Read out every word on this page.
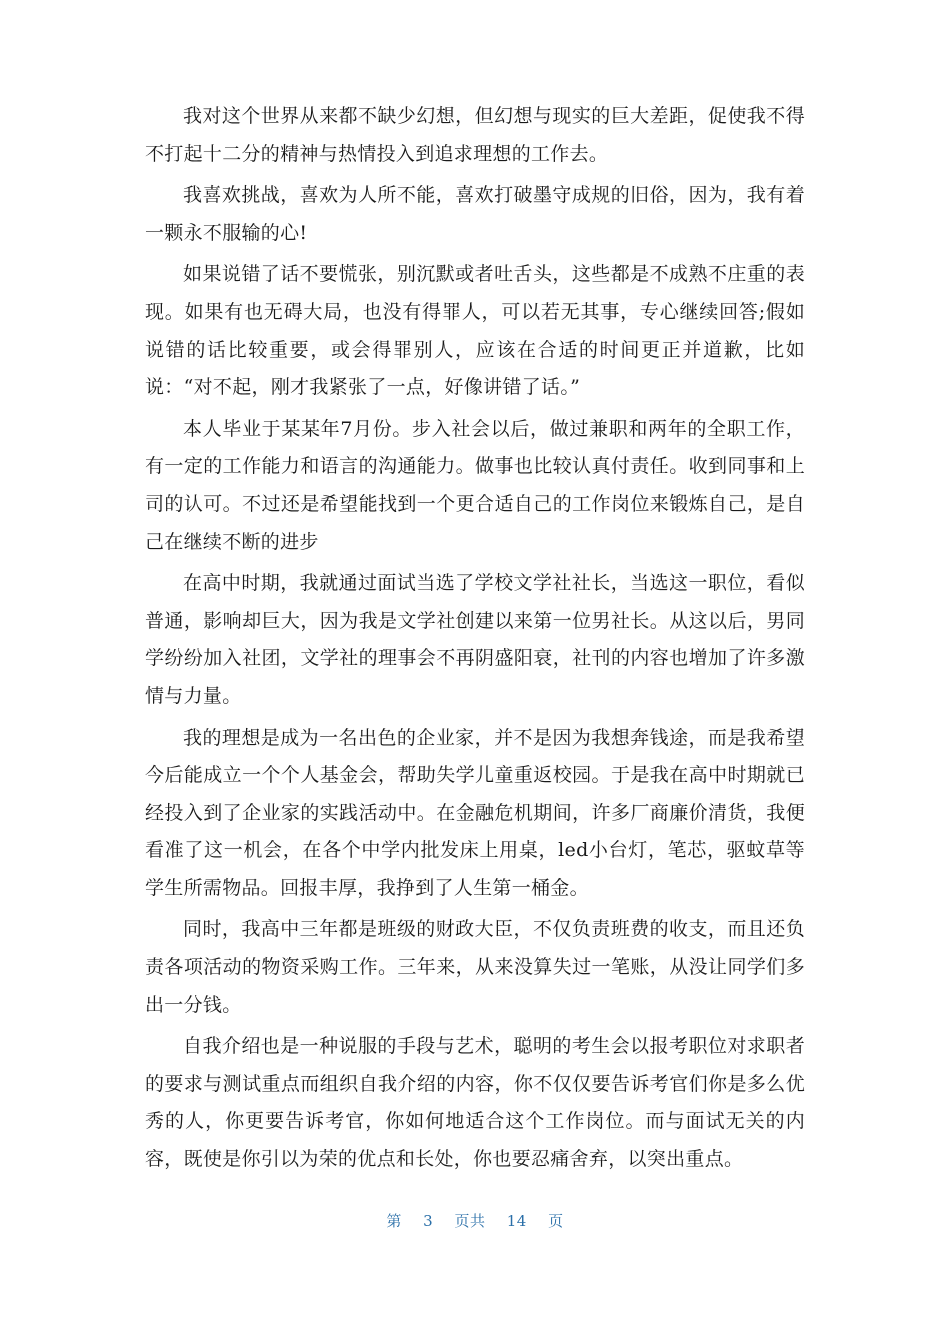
我对这个世界从来都不缺少幻想，但幻想与现实的巨大差距，促使我不得不打起十二分的精神与热情投入到追求理想的工作去。

我喜欢挑战，喜欢为人所不能，喜欢打破墨守成规的旧俗，因为，我有着一颗永不服输的心!

如果说错了话不要慌张，别沉默或者吐舌头，这些都是不成熟不庄重的表现。如果有也无碍大局，也没有得罪人，可以若无其事，专心继续回答;假如说错的话比较重要，或会得罪别人，应该在合适的时间更正并道歉，比如说：“对不起，刚才我紧张了一点，好像讲错了话。”

本人毕业于某某年7月份。步入社会以后，做过兼职和两年的全职工作，有一定的工作能力和语言的沟通能力。做事也比较认真付责任。收到同事和上司的认可。不过还是希望能找到一个更合适自己的工作岗位来锻炼自己，是自己在继续不断的进步

在高中时期，我就通过面试当选了学校文学社社长，当选这一职位，看似普通，影响却巨大，因为我是文学社创建以来第一位男社长。从这以后，男同学纷纷加入社团，文学社的理事会不再阴盛阳衰，社刊的内容也增加了许多激情与力量。

我的理想是成为一名出色的企业家，并不是因为我想奔钱途，而是我希望今后能成立一个个人基金会，帮助失学儿童重返校园。于是我在高中时期就已经投入到了企业家的实践活动中。在金融危机期间，许多厂商廉价清货，我便看准了这一机会，在各个中学内批发床上用桌，led小台灯，笔芯，驱蚊草等学生所需物品。回报丰厚，我挣到了人生第一桶金。

同时，我高中三年都是班级的财政大臣，不仅负责班费的收支，而且还负责各项活动的物资采购工作。三年来，从来没算失过一笔账，从没让同学们多出一分钱。

自我介绍也是一种说服的手段与艺术，聪明的考生会以报考职位对求职者的要求与测试重点而组织自我介绍的内容，你不仅仅要告诉考官们你是多么优秀的人，你更要告诉考官，你如何地适合这个工作岗位。而与面试无关的内容，既使是你引以为荣的优点和长处，你也要忍痛舍弃，以突出重点。

第 3 页共 14 页
